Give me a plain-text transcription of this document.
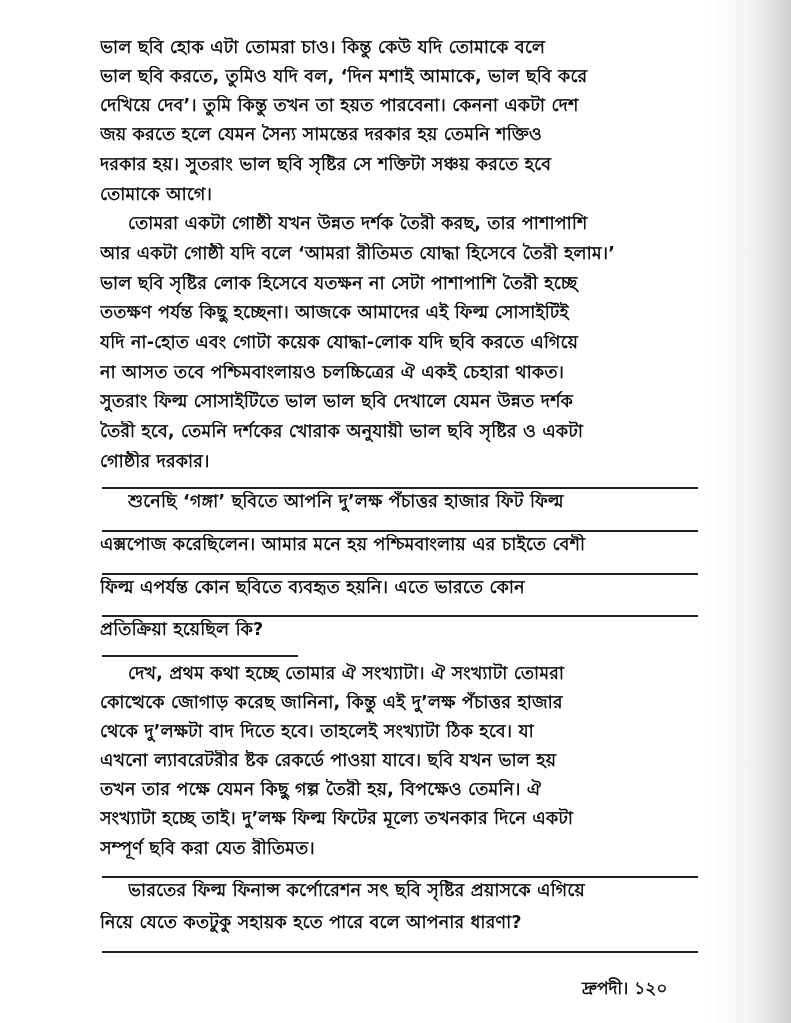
ভাল ছবি হোক এটা তোমরা চাও। কিন্তু কেউ যদি তোমাকে বলে
ভাল ছবি করতে, তুমিও যদি বল, ‘দিন মশাই আমাকে, ভাল ছবি করে
দেখিয়ে দেব’। তুমি কিন্তু তখন তা হয়ত পারবেনা। কেননা একটা দেশ
জয় করতে হলে যেমন সৈন্য সামন্তের দরকার হয় তেমনি শক্তিও
দরকার হয়। সুতরাং ভাল ছবি সৃষ্টির সে শক্তিটা সঞ্চয় করতে হবে
তোমাকে আগে।
তোমরা একটা গোষ্ঠী যখন উন্নত দর্শক তৈরী করছ, তার পাশাপাশি
আর একটা গোষ্ঠী যদি বলে ‘আমরা রীতিমত যোদ্ধা হিসেবে তৈরী হলাম।’
ভাল ছবি সৃষ্টির লোক হিসেবে যতক্ষন না সেটা পাশাপাশি তৈরী হচ্ছে
ততক্ষণ পর্যন্ত কিছু হচ্ছেনা। আজকে আমাদের এই ফিল্ম সোসাইটিই
যদি না-হোত এবং গোটা কয়েক যোদ্ধা-লোক যদি ছবি করতে এগিয়ে
না আসত তবে পশ্চিমবাংলায়ও চলচ্চিত্রের ঐ একই চেহারা থাকত।
সুতরাং ফিল্ম সোসাইটিতে ভাল ভাল ছবি দেখালে যেমন উন্নত দর্শক
তৈরী হবে, তেমনি দর্শকের খোরাক অনুযায়ী ভাল ছবি সৃষ্টির ও একটা
গোষ্ঠীর দরকার।
শুনেছি ‘গঙ্গা’ ছবিতে আপনি দু’লক্ষ পঁচাত্তর হাজার ফিট ফিল্ম
এক্সপোজ করেছিলেন। আমার মনে হয় পশ্চিমবাংলায় এর চাইতে বেশী
ফিল্ম এপর্যন্ত কোন ছবিতে ব্যবহৃত হয়নি। এতে ভারতে কোন
প্রতিক্রিয়া হয়েছিল কি?
দেখ, প্রথম কথা হচ্ছে তোমার ঐ সংখ্যাটা। ঐ সংখ্যাটা তোমরা
কোত্থেকে জোগাড় করেছ জানিনা, কিন্তু এই দু’লক্ষ পঁচাত্তর হাজার
থেকে দু’লক্ষটা বাদ দিতে হবে। তাহলেই সংখ্যাটা ঠিক হবে। যা
এখনো ল্যাবরেটরীর ষ্টক রেকর্ডে পাওয়া যাবে। ছবি যখন ভাল হয়
তখন তার পক্ষে যেমন কিছু গল্প তৈরী হয়, বিপক্ষেও তেমনি। ঐ
সংখ্যাটা হচ্ছে তাই। দু’লক্ষ ফিল্ম ফিটের মূল্যে তখনকার দিনে একটা
সম্পূর্ণ ছবি করা যেত রীতিমত।
ভারতের ফিল্ম ফিনান্স কর্পোরেশন সৎ ছবি সৃষ্টির প্রয়াসকে এগিয়ে
নিয়ে যেতে কতটুকু সহায়ক হতে পারে বলে আপনার ধারণা?
দ্রুপদী। ১২০
